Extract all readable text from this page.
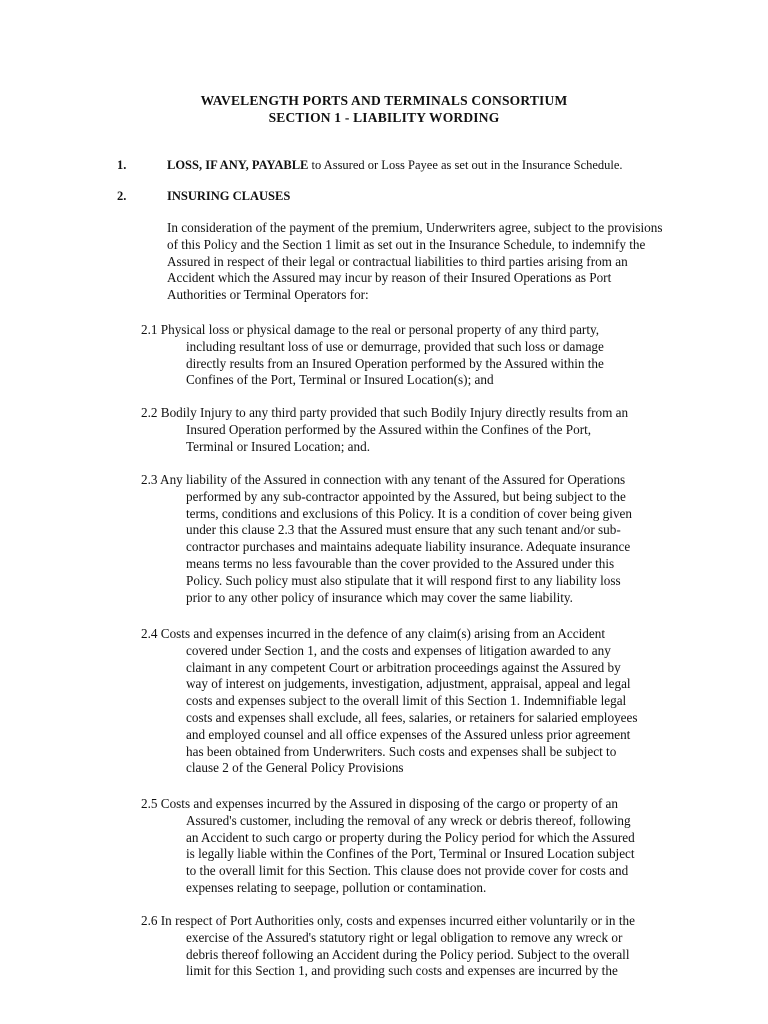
WAVELENGTH PORTS AND TERMINALS CONSORTIUM
SECTION 1 - LIABILITY WORDING
1.	LOSS, IF ANY, PAYABLE to Assured or Loss Payee as set out in the Insurance Schedule.
2.	INSURING CLAUSES
In consideration of the payment of the premium, Underwriters agree, subject to the provisions
of this Policy and the Section 1 limit as set out in the Insurance Schedule, to indemnify the
Assured in respect of their legal or contractual liabilities to third parties arising from an
Accident which the Assured may incur by reason of their Insured Operations as Port
Authorities or Terminal Operators for:
2.1 Physical loss or physical damage to the real or personal property of any third party,
including resultant loss of use or demurrage, provided that such loss or damage
directly results from an Insured Operation performed by the Assured within the
Confines of the Port, Terminal or Insured Location(s); and
2.2 Bodily Injury to any third party provided that such Bodily Injury directly results from an
Insured Operation performed by the Assured within the Confines of the Port,
Terminal or Insured Location; and.
2.3 Any liability of the Assured in connection with any tenant of the Assured for Operations
performed by any sub-contractor appointed by the Assured, but being subject to the
terms, conditions and exclusions of this Policy. It is a condition of cover being given
under this clause 2.3 that the Assured must ensure that any such tenant and/or sub-
contractor purchases and maintains adequate liability insurance. Adequate insurance
means terms no less favourable than the cover provided to the Assured under this
Policy. Such policy must also stipulate that it will respond first to any liability loss
prior to any other policy of insurance which may cover the same liability.
2.4 Costs and expenses incurred in the defence of any claim(s) arising from an Accident
covered under Section 1, and the costs and expenses of litigation awarded to any
claimant in any competent Court or arbitration proceedings against the Assured by
way of interest on judgements, investigation, adjustment, appraisal, appeal and legal
costs and expenses subject to the overall limit of this Section 1. Indemnifiable legal
costs and expenses shall exclude, all fees, salaries, or retainers for salaried employees
and employed counsel and all office expenses of the Assured unless prior agreement
has been obtained from Underwriters. Such costs and expenses shall be subject to
clause 2 of the General Policy Provisions
2.5 Costs and expenses incurred by the Assured in disposing of the cargo or property of an
Assured's customer, including the removal of any wreck or debris thereof, following
an Accident to such cargo or property during the Policy period for which the Assured
is legally liable within the Confines of the Port, Terminal or Insured Location subject
to the overall limit for this Section. This clause does not provide cover for costs and
expenses relating to seepage, pollution or contamination.
2.6 In respect of Port Authorities only, costs and expenses incurred either voluntarily or in the
exercise of the Assured's statutory right or legal obligation to remove any wreck or
debris thereof following an Accident during the Policy period. Subject to the overall
limit for this Section 1, and providing such costs and expenses are incurred by the
